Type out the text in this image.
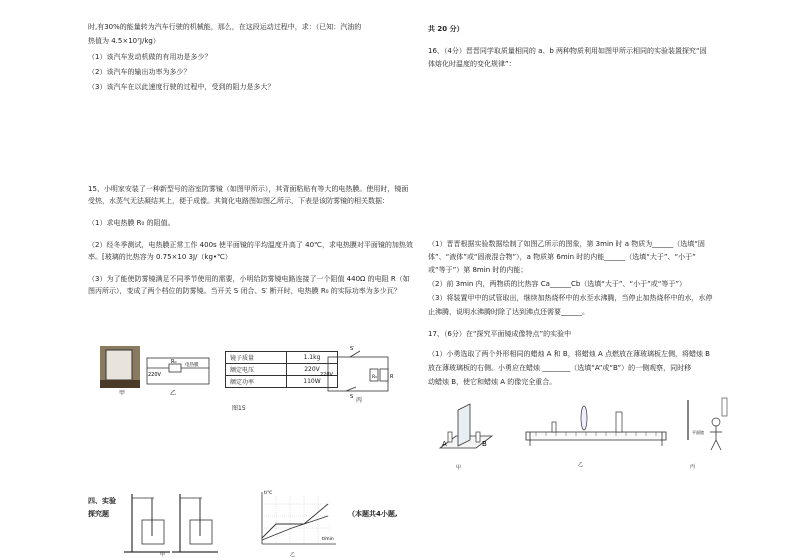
时,有30%的能量转为汽车行驶的机械能，那么，在这段运动过程中，求：（已知：汽油的
热值为 4.5×10⁷J/kg）
（1）该汽车发动机做的有用功是多少？
（2）该汽车的输出功率为多少？
（3）该汽车在以此速度行驶的过程中，受到的阻力是多大？

15、小明家安装了一种新型号的浴室防雾镜（如图甲所示），其背面粘贴有等大的电热膜。使用时，镜面受热，水蒸气无法凝结其上，便于成像。其简化电路图如图乙所示，下表是该防雾镜的相关数据：

（1）求电热膜 R₀ 的阻值。

（2）经冬季测试，电热膜正常工作 400s 使平面镜的平均温度升高了 40℃，求电热膜对平面镜的加热效率。[玻璃的比热容为 0.75×10 3J/（kg•℃）

（3）为了能使防雾镜满足不同季节使用的需要，小明给防雾镜电路连接了一个阻值 440Ω 的电阻 R（如图丙所示），变成了两个档位的防雾镜。当开关 S 闭合、S′ 断开时，电热膜 R₀ 的实际功率为多少瓦？

220V
R₀
电热膜
甲	乙
镜子质量	1.1kg
额定电压	220V
额定功率	110W
图15
S′
220V	R₀	R
S 丙
四、实验
探究题	（本题共4小题,
t/℃
t/min
甲	乙
共 20 分）
16、（4分）晋晋同学取质量相同的 a、b 两种物质利用如图甲所示相同的实验装置探究“固
体熔化时温度的变化规律”：
（1）晋晋根据实验数据绘制了如图乙所示的图象，第 3min 时 a 物质为______（选填“固
体”、“液体”或“固液混合物”），a 物质第 6min 时的内能______（选填“大于”、“小于”
或“等于”）第 8min 时的内能；
（2）前 3min 内，两物质的比热容 Ca______Cb（选填“大于”、“小于”或“等于”）
（3）将装置甲中的试管取出，继续加热烧杯中的水至水沸腾，当停止加热烧杯中的水，水停
止沸腾，说明水沸腾时除了达到沸点还需要______。
17、（6分）在“探究平面镜成像特点”的实验中
（1）小勇选取了两个外形相同的蜡烛 A 和 B，将蜡烛 A 点燃放在薄玻璃板左侧，将蜡烛 B
放在薄玻璃板的右侧。小勇应在蜡烛 ________（选填“A”或“B”）的一侧观察，同时移
动蜡烛 B，使它和蜡烛 A 的像完全重合。
A	B
甲	乙
平面镜
丙
